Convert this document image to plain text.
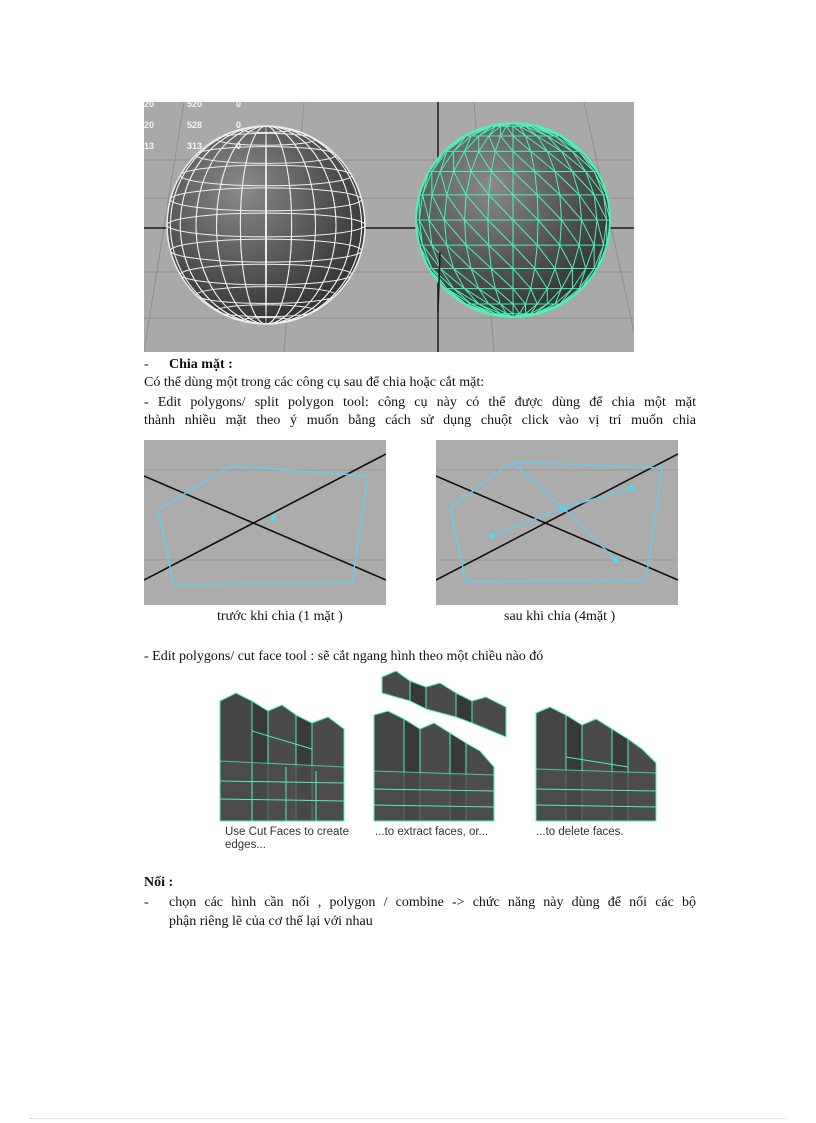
20	520	0
20	528	0
13	313	0
- Chia mặt :
Có thể dùng một trong các công cụ sau để chia hoặc cắt mặt:
- Edit polygons/ split polygon tool: công cụ này có thể được dùng để chia một mặt
thành nhiều mặt theo ý muốn bằng cách sử dụng chuột click vào vị trí muốn chia
trước khi chia (1 mặt )	sau khi chia (4mặt )
- Edit polygons/ cut face tool : sẽ cắt ngang hình theo một chiều nào đó
Use Cut Faces to create
edges...
...to extract faces, or...	...to delete faces.
Nối :
- chọn các hình cần nối , polygon / combine -> chức năng này dùng để nối các bộ
phận riêng lẽ của cơ thể lại với nhau
